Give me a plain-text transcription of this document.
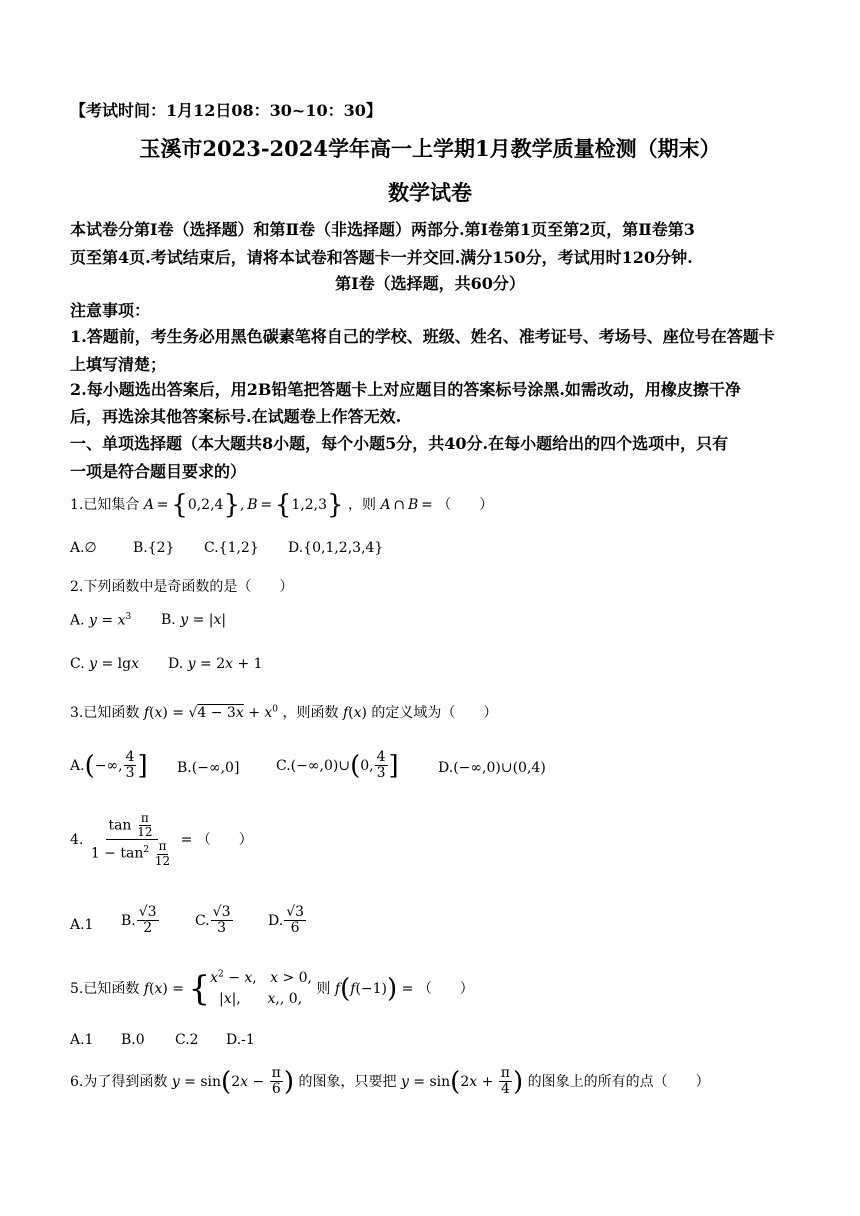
【考试时间：1月12日08：30~10：30】
玉溪市2023-2024学年高一上学期1月教学质量检测（期末）
数学试卷
本试卷分第Ⅰ卷（选择题）和第Ⅱ卷（非选择题）两部分.第Ⅰ卷第1页至第2页，第Ⅱ卷第3
页至第4页.考试结束后，请将本试卷和答题卡一并交回.满分150分，考试用时120分钟.
第Ⅰ卷（选择题，共60分）
注意事项：
1.答题前，考生务必用黑色碳素笔将自己的学校、班级、姓名、准考证号、考场号、座位号在答题卡
上填写清楚；
2.每小题选出答案后，用2B铅笔把答题卡上对应题目的答案标号涂黑.如需改动，用橡皮擦干净
后，再选涂其他答案标号.在试题卷上作答无效.
一、单项选择题（本大题共8小题，每个小题5分，共40分.在每小题给出的四个选项中，只有
一项是符合题目要求的）
1.已知集合 A = {0,2,4}, B = {1,2,3} ，则 A ∩ B = （　　）
A.∅	B.{2} C.{1,2} D.{0,1,2,3,4}
2.下列函数中是奇函数的是（　　）
A. $y = x^3$ B. y = |x|
C. y = lgx D. y = 2x + 1
3.已知函数 $f(x) = √4 - 3x + x^0$ ，则函数 f(x) 的定义域为（　　）
A.(−∞, $\frac{4}{3}$ ] B.(−∞,0]	C.(−∞,0)∪(0, $\frac{4}{3}$ ]	D.(−∞,0)∪(0,4)
4. $\frac{\tan \frac{\pi}{12}}{1 - \tan^2 \frac{\pi}{12}}$ = （　　）
A.1 B. $\frac{√3}{2}$	C. $\frac{√3}{3}$	D. $\frac{√3}{6}$
5.已知函数 f(x) = { $x^2 - x$,   x > 0,
|x|,      x,, 0,
则 f(f(−1)) = （　　）
A.1 B.0 C.2 D.-1
6.为了得到函数 $y = \sin(2x - \frac{\pi}{6}$ ) 的图象，只要把 $y = \sin(2x + \frac{\pi}{4}$ ) 的图象上的所有的点（　　）
